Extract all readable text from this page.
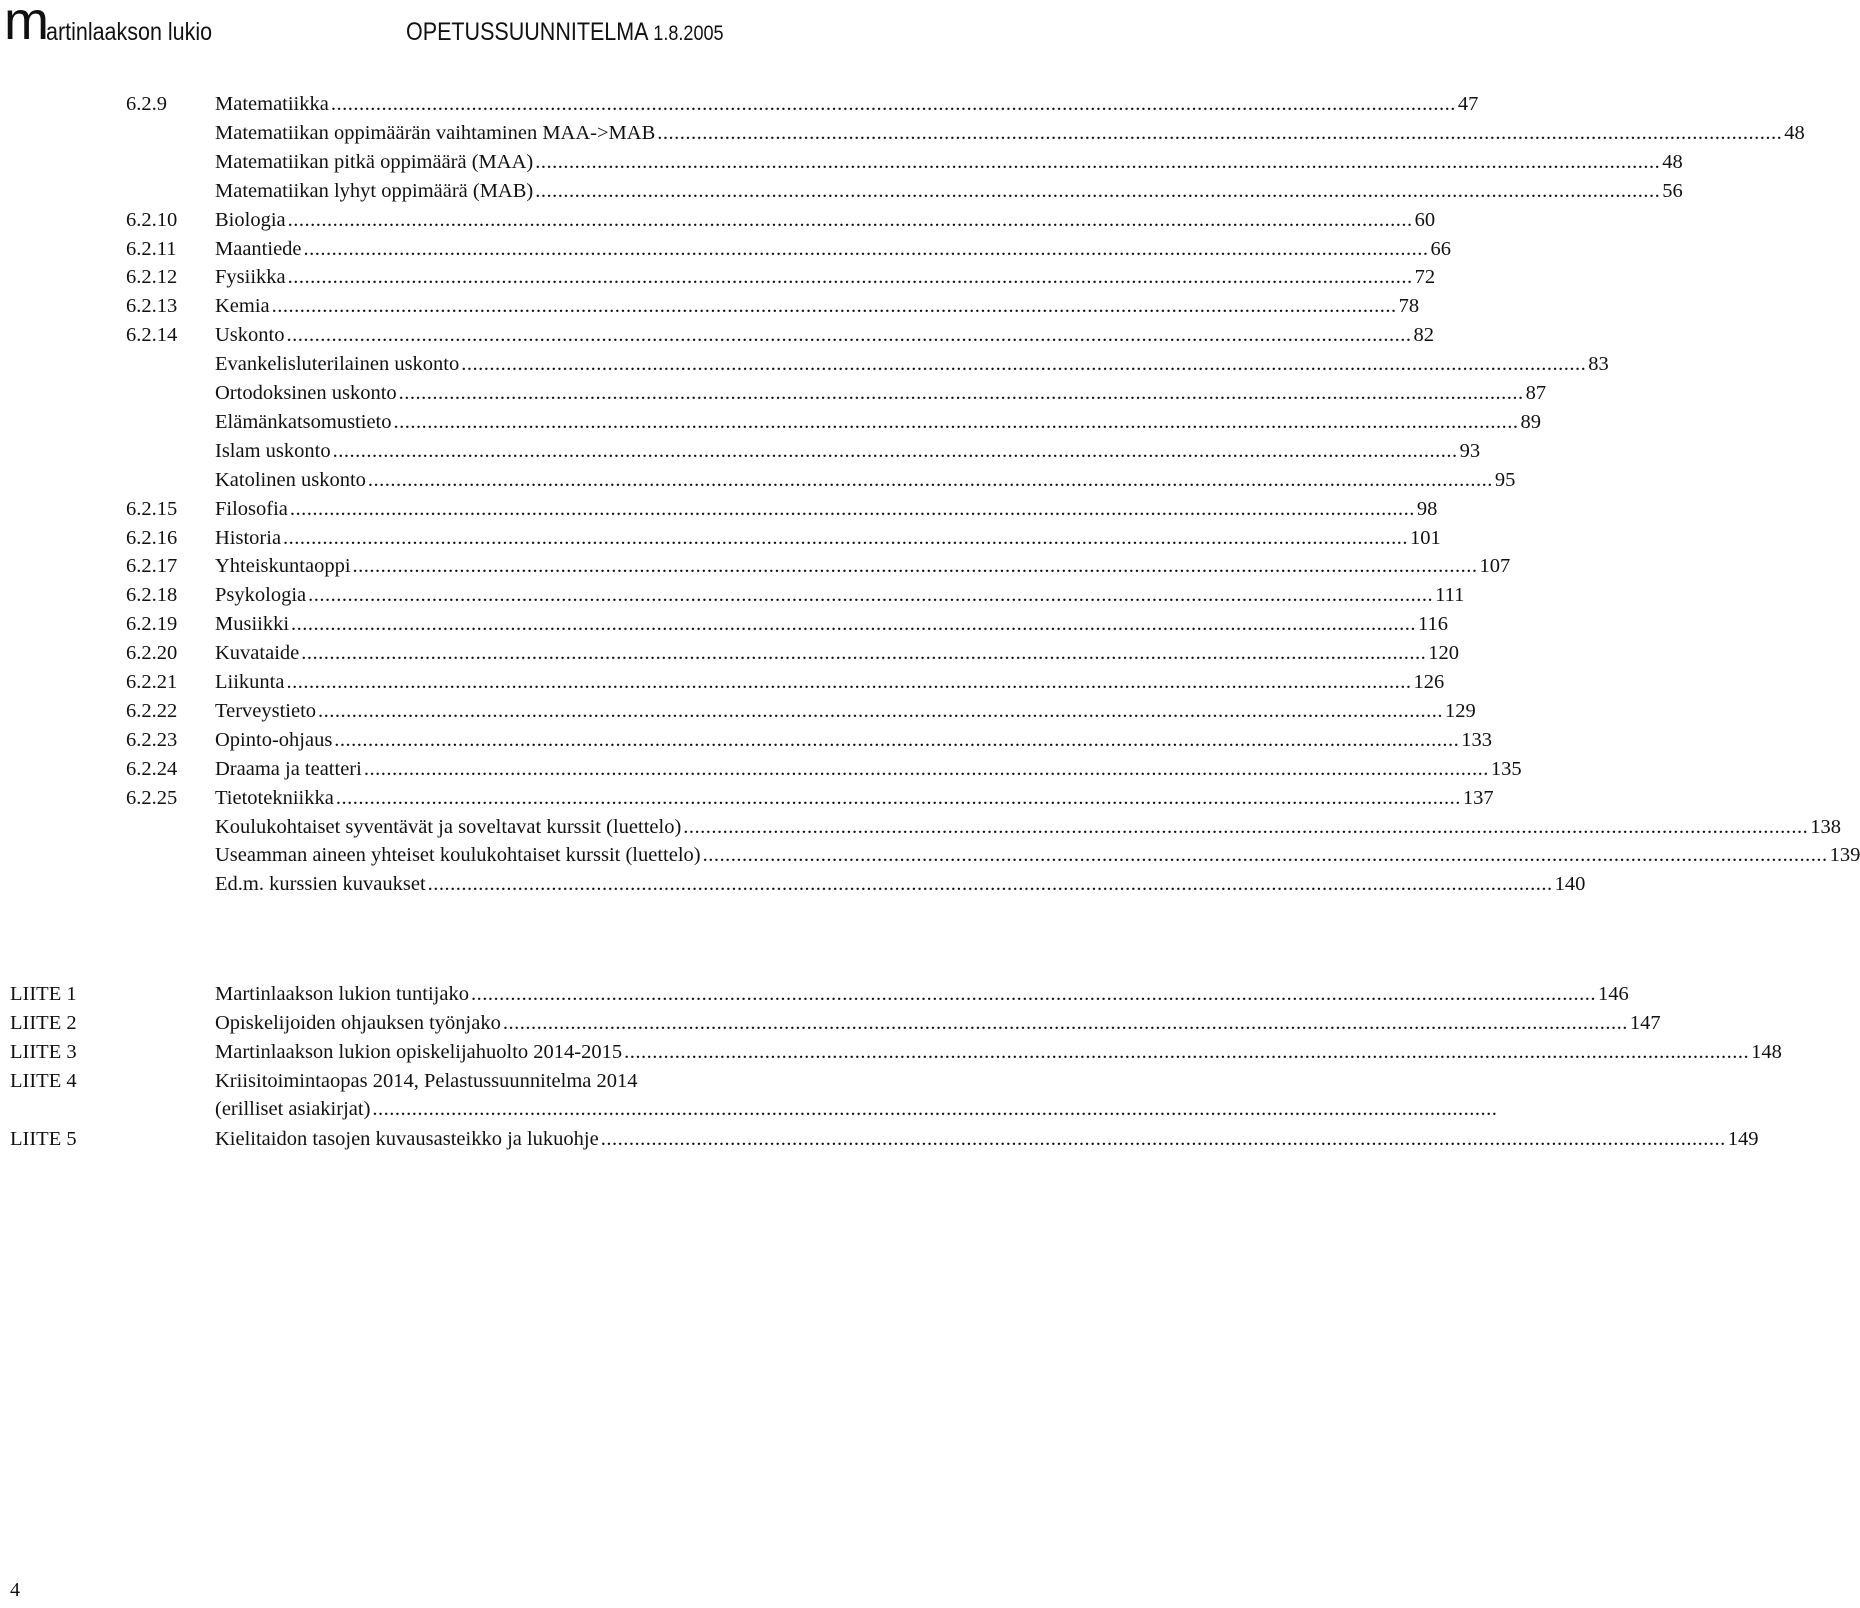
m
artinlaakson lukio	OPETUSSUUNNITELMA 1.8.2005
6.2.9 Matematiikka ........................................................................................................................................................................................................ 47
Matematiikan oppimäärän vaihtaminen MAA->MAB ........................................................................................................................................................................................................ 48
Matematiikan pitkä oppimäärä (MAA) ........................................................................................................................................................................................................ 48
Matematiikan lyhyt oppimäärä (MAB) ........................................................................................................................................................................................................ 56
6.2.10 Biologia ........................................................................................................................................................................................................ 60
6.2.11 Maantiede ........................................................................................................................................................................................................ 66
6.2.12 Fysiikka ........................................................................................................................................................................................................ 72
6.2.13 Kemia ........................................................................................................................................................................................................ 78
6.2.14 Uskonto ........................................................................................................................................................................................................ 82
Evankelisluterilainen uskonto ........................................................................................................................................................................................................ 83
Ortodoksinen uskonto ........................................................................................................................................................................................................ 87
Elämänkatsomustieto ........................................................................................................................................................................................................ 89
Islam uskonto ........................................................................................................................................................................................................ 93
Katolinen uskonto ........................................................................................................................................................................................................ 95
6.2.15 Filosofia ........................................................................................................................................................................................................ 98
6.2.16 Historia ........................................................................................................................................................................................................ 101
6.2.17 Yhteiskuntaoppi ........................................................................................................................................................................................................ 107
6.2.18 Psykologia ........................................................................................................................................................................................................ 111
6.2.19 Musiikki ........................................................................................................................................................................................................ 116
6.2.20 Kuvataide ........................................................................................................................................................................................................ 120
6.2.21 Liikunta ........................................................................................................................................................................................................ 126
6.2.22 Terveystieto ........................................................................................................................................................................................................ 129
6.2.23 Opinto-ohjaus ........................................................................................................................................................................................................ 133
6.2.24 Draama ja teatteri ........................................................................................................................................................................................................ 135
6.2.25 Tietotekniikka ........................................................................................................................................................................................................ 137
Koulukohtaiset syventävät ja soveltavat kurssit (luettelo) ........................................................................................................................................................................................................ 138
Useamman aineen yhteiset koulukohtaiset kurssit (luettelo) ........................................................................................................................................................................................................ 139
Ed.m. kurssien kuvaukset ........................................................................................................................................................................................................ 140
LIITE 1	Martinlaakson lukion tuntijako ........................................................................................................................................................................................................ 146
LIITE 2	Opiskelijoiden ohjauksen työnjako ........................................................................................................................................................................................................ 147
LIITE 3	Martinlaakson lukion opiskelijahuolto 2014-2015 ........................................................................................................................................................................................................ 148
LIITE 4	Kriisitoimintaopas 2014, Pelastussuunnitelma 2014
(erilliset asiakirjat) ........................................................................................................................................................................................................
LIITE 5	Kielitaidon tasojen kuvausasteikko ja lukuohje ........................................................................................................................................................................................................ 149
4
